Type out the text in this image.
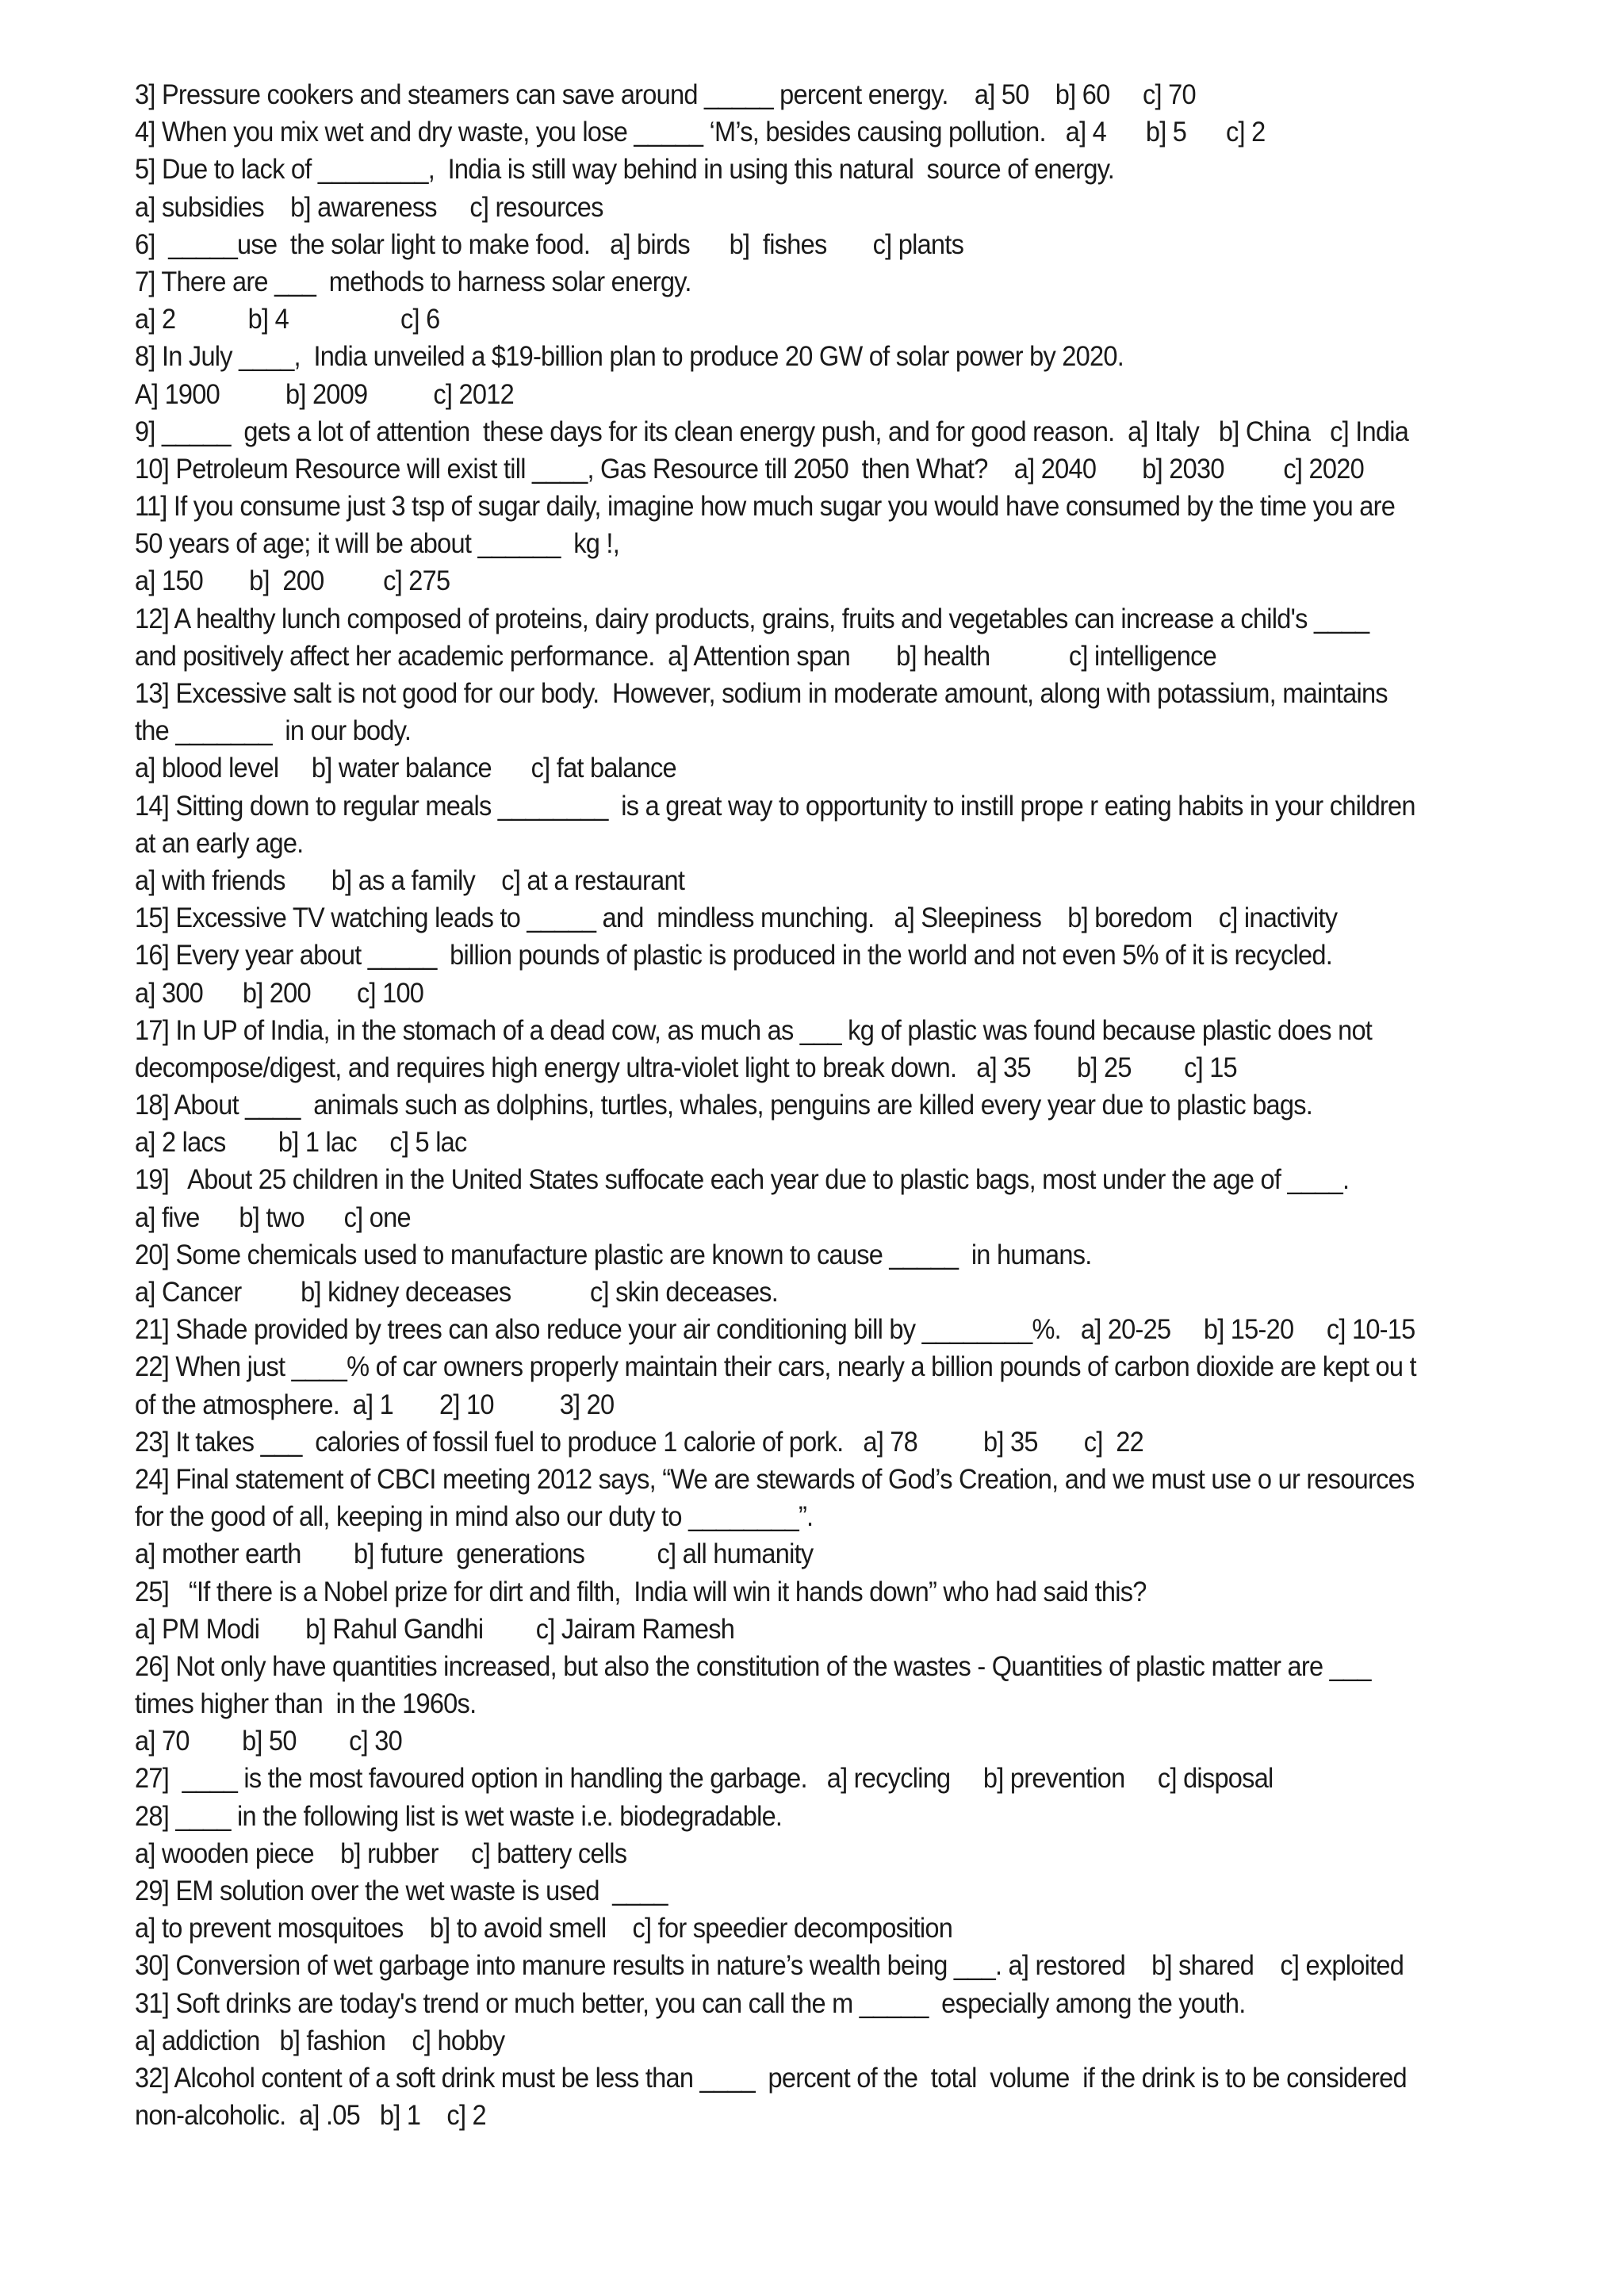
3] Pressure cookers and steamers can save around _____ percent energy.    a] 50    b] 60     c] 70
4] When you mix wet and dry waste, you lose _____ ‘M’s, besides causing pollution.   a] 4      b] 5      c] 2
5] Due to lack of ________,  India is still way behind in using this natural  source of energy.
a] subsidies    b] awareness     c] resources
6]  _____use  the solar light to make food.   a] birds      b]  fishes       c] plants
7] There are ___  methods to harness solar energy.
a] 2           b] 4                 c] 6
8] In July ____,  India unveiled a $19-billion plan to produce 20 GW of solar power by 2020.
A] 1900          b] 2009          c] 2012
9] _____  gets a lot of attention  these days for its clean energy push, and for good reason.  a] Italy   b] China   c] India
10] Petroleum Resource will exist till ____, Gas Resource till 2050  then What?    a] 2040       b] 2030         c] 2020
11] If you consume just 3 tsp of sugar daily, imagine how much sugar you would have consumed by the time you are
50 years of age; it will be about ______  kg !,
a] 150       b]  200         c] 275
12] A healthy lunch composed of proteins, dairy products, grains, fruits and vegetables can increase a child's ____
and positively affect her academic performance.  a] Attention span       b] health            c] intelligence
13] Excessive salt is not good for our body.  However, sodium in moderate amount, along with potassium, maintains
the _______  in our body.
a] blood level     b] water balance      c] fat balance
14] Sitting down to regular meals ________  is a great way to opportunity to instill prope r eating habits in your children
at an early age.
a] with friends       b] as a family    c] at a restaurant
15] Excessive TV watching leads to _____ and  mindless munching.   a] Sleepiness    b] boredom    c] inactivity
16] Every year about _____  billion pounds of plastic is produced in the world and not even 5% of it is recycled.
a] 300      b] 200       c] 100
17] In UP of India, in the stomach of a dead cow, as much as ___ kg of plastic was found because plastic does not
decompose/digest, and requires high energy ultra-violet light to break down.   a] 35       b] 25        c] 15
18] About ____  animals such as dolphins, turtles, whales, penguins are killed every year due to plastic bags.
a] 2 lacs        b] 1 lac     c] 5 lac
19]   About 25 children in the United States suffocate each year due to plastic bags, most under the age of ____.
a] five      b] two      c] one
20] Some chemicals used to manufacture plastic are known to cause _____  in humans.
a] Cancer         b] kidney deceases            c] skin deceases.
21] Shade provided by trees can also reduce your air conditioning bill by ________%.   a] 20-25     b] 15-20     c] 10-15
22] When just ____% of car owners properly maintain their cars, nearly a billion pounds of carbon dioxide are kept ou t
of the atmosphere.  a] 1       2] 10          3] 20
23] It takes ___  calories of fossil fuel to produce 1 calorie of pork.   a] 78          b] 35       c]  22
24] Final statement of CBCI meeting 2012 says, “We are stewards of God’s Creation, and we must use o ur resources
for the good of all, keeping in mind also our duty to ________”.
a] mother earth        b] future  generations           c] all humanity
25]   “If there is a Nobel prize for dirt and filth,  India will win it hands down” who had said this?
a] PM Modi       b] Rahul Gandhi        c] Jairam Ramesh
26] Not only have quantities increased, but also the constitution of the wastes - Quantities of plastic matter are ___
times higher than  in the 1960s.
a] 70        b] 50        c] 30
27]  ____ is the most favoured option in handling the garbage.   a] recycling     b] prevention     c] disposal
28] ____ in the following list is wet waste i.e. biodegradable.
a] wooden piece    b] rubber     c] battery cells
29] EM solution over the wet waste is used  ____
a] to prevent mosquitoes    b] to avoid smell    c] for speedier decomposition
30] Conversion of wet garbage into manure results in nature’s wealth being ___. a] restored    b] shared    c] exploited
31] Soft drinks are today's trend or much better, you can call the m _____  especially among the youth.
a] addiction   b] fashion    c] hobby
32] Alcohol content of a soft drink must be less than ____  percent of the  total  volume  if the drink is to be considered
non-alcoholic.  a] .05   b] 1    c] 2
